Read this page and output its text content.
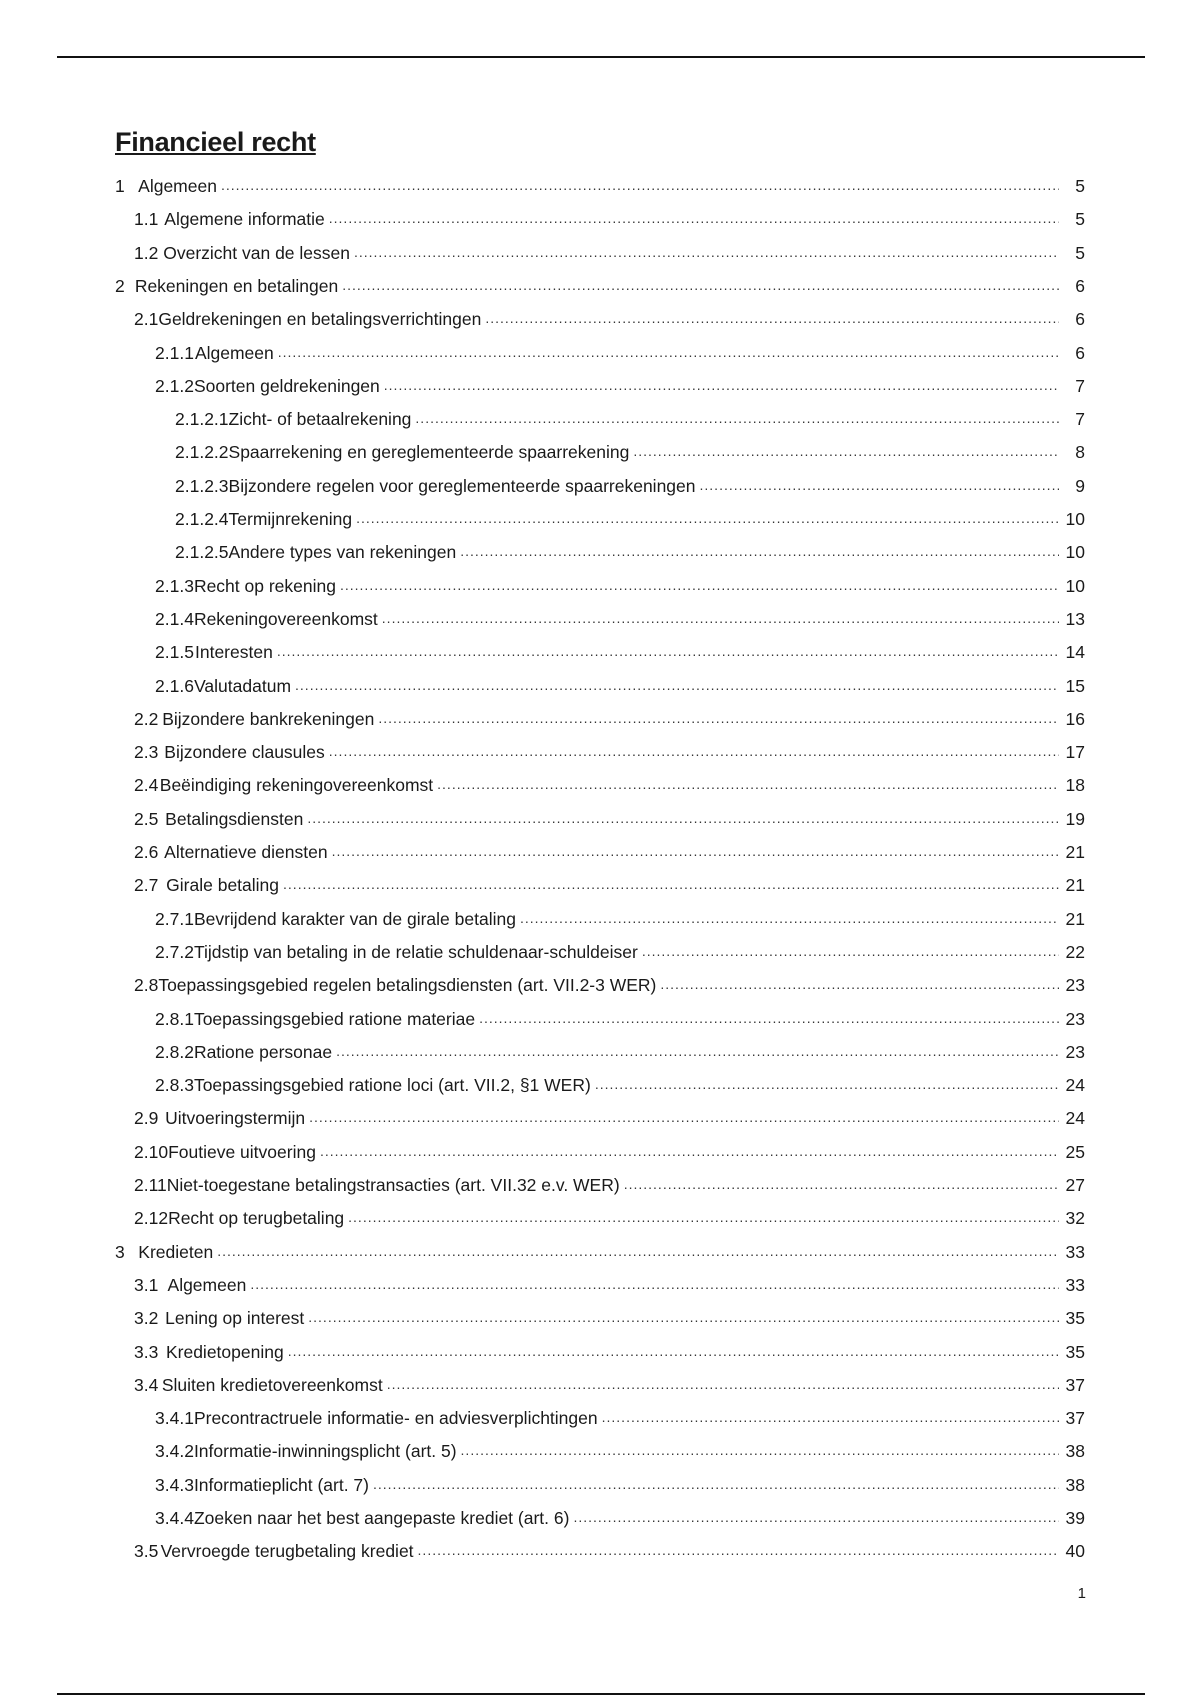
Financieel recht
1 Algemeen .....	5
1.1 Algemene informatie .....	5
1.2 Overzicht van de lessen .....	5
2 Rekeningen en betalingen .....	6
2.1 Geldrekeningen en betalingsverrichtingen .....	6
2.1.1 Algemeen .....	6
2.1.2 Soorten geldrekeningen .....	7
2.1.2.1 Zicht- of betaalrekening .....	7
2.1.2.2 Spaarrekening en gereglementeerde spaarrekening .....	8
2.1.2.3 Bijzondere regelen voor gereglementeerde spaarrekeningen .....	9
2.1.2.4 Termijnrekening .....	10
2.1.2.5 Andere types van rekeningen .....	10
2.1.3 Recht op rekening .....	10
2.1.4 Rekeningovereenkomst .....	13
2.1.5 Interesten .....	14
2.1.6 Valutadatum .....	15
2.2 Bijzondere bankrekeningen .....	16
2.3 Bijzondere clausules .....	17
2.4 Beëindiging rekeningovereenkomst .....	18
2.5 Betalingsdiensten .....	19
2.6 Alternatieve diensten .....	21
2.7 Girale betaling .....	21
2.7.1 Bevrijdend karakter van de girale betaling .....	21
2.7.2 Tijdstip van betaling in de relatie schuldenaar-schuldeiser .....	22
2.8 Toepassingsgebied regelen betalingsdiensten (art. VII.2-3 WER) .....	23
2.8.1 Toepassingsgebied ratione materiae .....	23
2.8.2 Ratione personae .....	23
2.8.3 Toepassingsgebied ratione loci (art. VII.2, §1 WER) .....	24
2.9 Uitvoeringstermijn .....	24
2.10 Foutieve uitvoering .....	25
2.11 Niet-toegestane betalingstransacties (art. VII.32 e.v. WER) .....	27
2.12 Recht op terugbetaling .....	32
3 Kredieten .....	33
3.1 Algemeen .....	33
3.2 Lening op interest .....	35
3.3 Kredietopening .....	35
3.4 Sluiten kredietovereenkomst .....	37
3.4.1 Precontractruele informatie- en adviesverplichtingen .....	37
3.4.2 Informatie-inwinningsplicht (art. 5) .....	38
3.4.3 Informatieplicht (art. 7) .....	38
3.4.4 Zoeken naar het best aangepaste krediet (art. 6) .....	39
3.5 Vervroegde terugbetaling krediet .....	40
1
